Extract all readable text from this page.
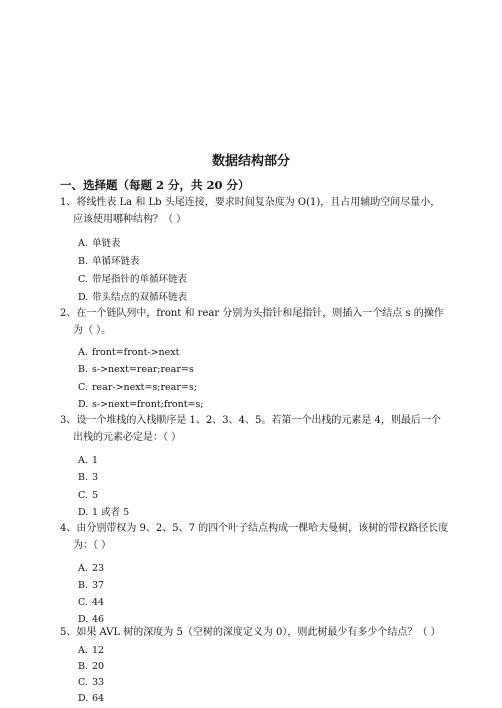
数据结构部分
一、选择题（每题 2 分，共 20 分）
1、将线性表 La 和 Lb 头尾连接，要求时间复杂度为 O(1)，且占用辅助空间尽量小，应该使用哪种结构？（ ）
A. 单链表
B. 单循环链表
C. 带尾指针的单循环链表
D. 带头结点的双循环链表
2、在一个链队列中，front 和 rear 分别为头指针和尾指针，则插入一个结点 s 的操作为（ ）。
A. front=front->next
B. s->next=rear;rear=s
C. rear->next=s;rear=s;
D. s->next=front;front=s;
3、设一个堆栈的入栈顺序是 1、2、3、4、5。若第一个出栈的元素是 4，则最后一个出栈的元素必定是：（ ）
A. 1
B. 3
C. 5
D. 1 或者 5
4、由分别带权为 9、2、5、7 的四个叶子结点构成一棵哈夫曼树，该树的带权路径长度为：（ ）
A. 23
B. 37
C. 44
D. 46
5、如果 AVL 树的深度为 5（空树的深度定义为 0），则此树最少有多少个结点？（ ）
A. 12
B. 20
C. 33
D. 64
